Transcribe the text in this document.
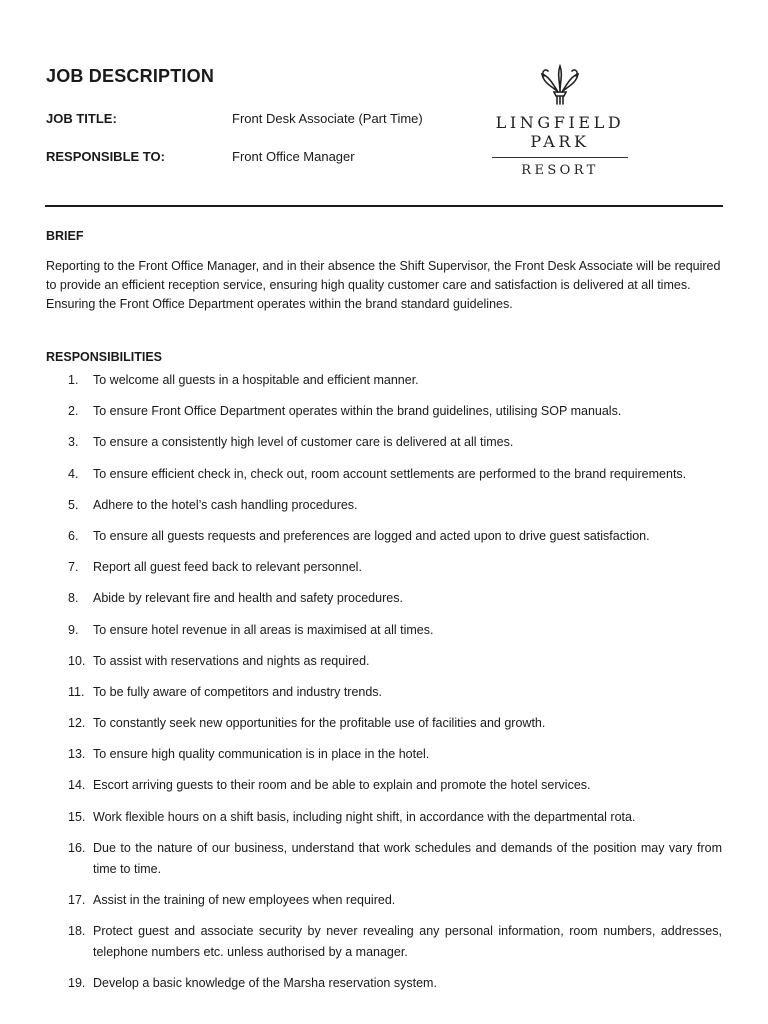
JOB DESCRIPTION
JOB TITLE:	Front Desk Associate (Part Time)
RESPONSIBLE TO:	Front Office Manager
LINGFIELD
PARK
RESORT
BRIEF
Reporting to the Front Office Manager, and in their absence the Shift Supervisor, the Front Desk Associate will be required to provide an efficient reception service, ensuring high quality customer care and satisfaction is delivered at all times. Ensuring the Front Office Department operates within the brand standard guidelines.
RESPONSIBILITIES
1. To welcome all guests in a hospitable and efficient manner.
2. To ensure Front Office Department operates within the brand guidelines, utilising SOP manuals.
3. To ensure a consistently high level of customer care is delivered at all times.
4. To ensure efficient check in, check out, room account settlements are performed to the brand requirements.
5. Adhere to the hotel’s cash handling procedures.
6. To ensure all guests requests and preferences are logged and acted upon to drive guest satisfaction.
7. Report all guest feed back to relevant personnel.
8. Abide by relevant fire and health and safety procedures.
9. To ensure hotel revenue in all areas is maximised at all times.
10. To assist with reservations and nights as required.
11. To be fully aware of competitors and industry trends.
12. To constantly seek new opportunities for the profitable use of facilities and growth.
13. To ensure high quality communication is in place in the hotel.
14. Escort arriving guests to their room and be able to explain and promote the hotel services.
15. Work flexible hours on a shift basis, including night shift, in accordance with the departmental rota.
16. Due to the nature of our business, understand that work schedules and demands of the position may vary from time to time.
17. Assist in the training of new employees when required.
18. Protect guest and associate security by never revealing any personal information, room numbers, addresses, telephone numbers etc. unless authorised by a manager.
19. Develop a basic knowledge of the Marsha reservation system.
